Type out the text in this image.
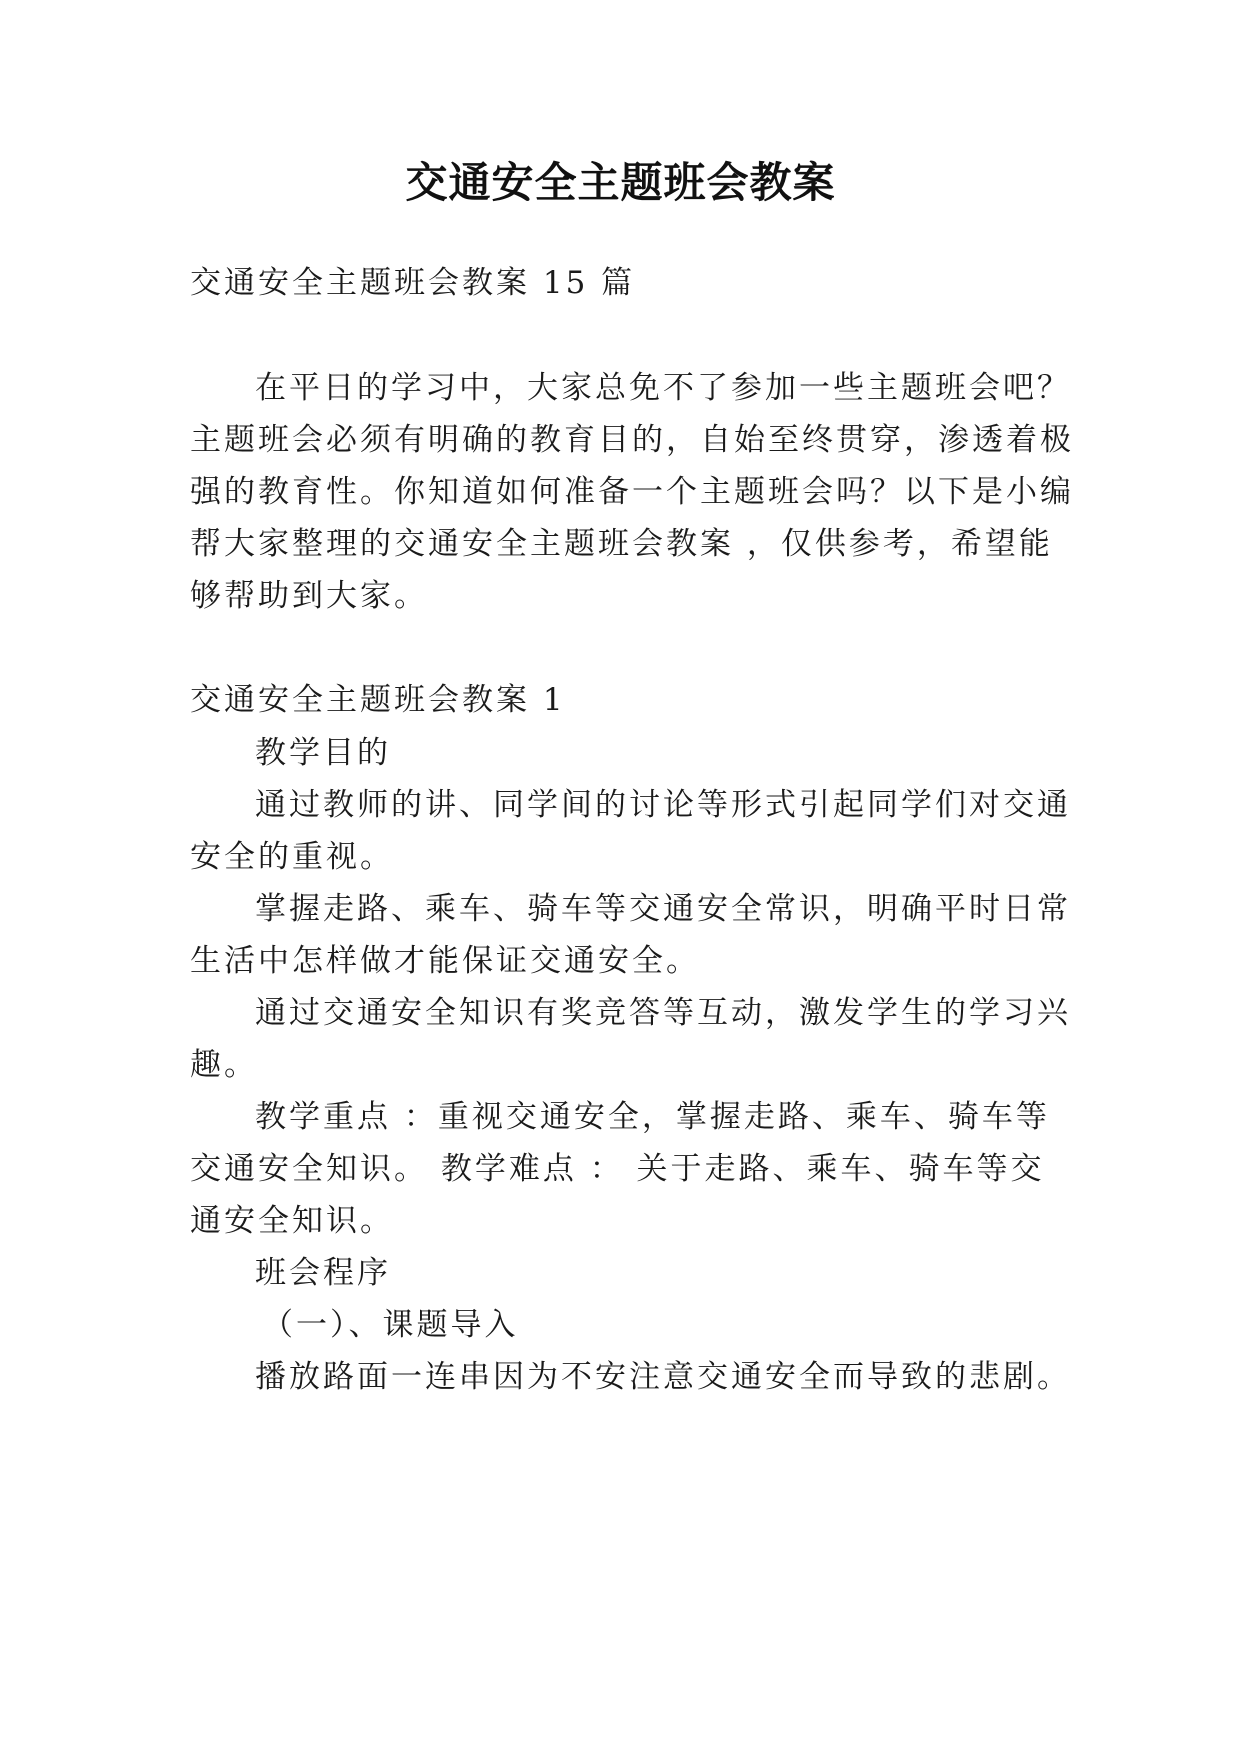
交通安全主题班会教案
交通安全主题班会教案 15 篇
在平日的学习中，大家总免不了参加一些主题班会吧？
主题班会必须有明确的教育目的，自始至终贯穿，渗透着极
强的教育性。你知道如何准备一个主题班会吗？以下是小编
帮大家整理的交通安全主题班会教案 ，仅供参考，希望能
够帮助到大家。
交通安全主题班会教案 1
教学目的
通过教师的讲、同学间的讨论等形式引起同学们对交通
安全的重视。
掌握走路、乘车、骑车等交通安全常识，明确平时日常
生活中怎样做才能保证交通安全。
通过交通安全知识有奖竞答等互动，激发学生的学习兴
趣。
教学重点 ：重视交通安全，掌握走路、乘车、骑车等
交通安全知识。 教学难点 ： 关于走路、乘车、骑车等交
通安全知识。
班会程序
（一）、课题导入
播放路面一连串因为不安注意交通安全而导致的悲剧。
